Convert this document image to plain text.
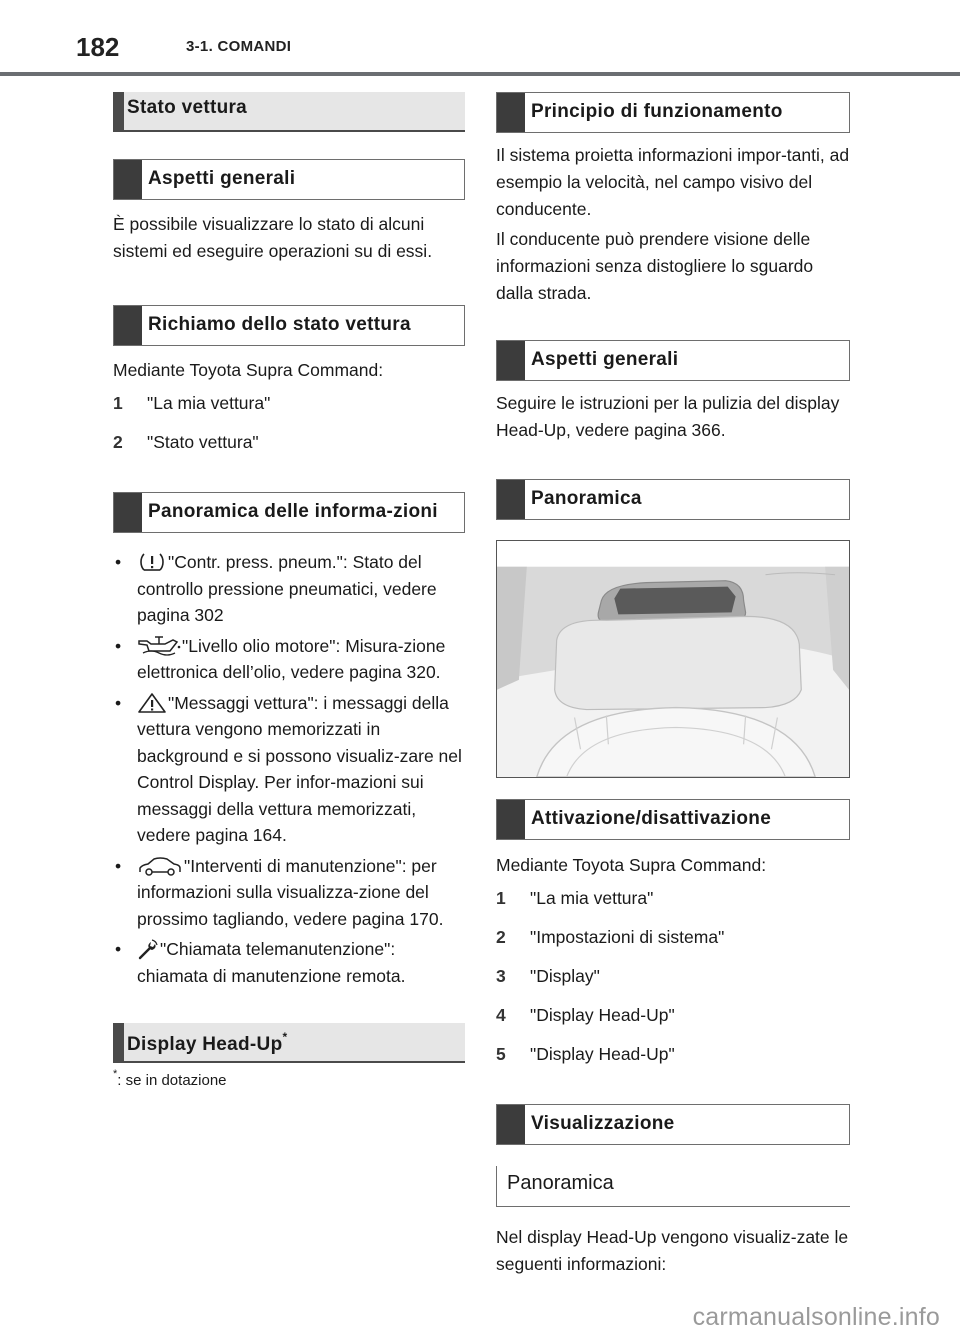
182	3-1. COMANDI
Stato vettura
Aspetti generali

È possibile visualizzare lo stato di alcuni sistemi ed eseguire operazioni su di essi.

Richiamo dello stato vettura

Mediante Toyota Supra Command:

1	"La mia vettura"
2	"Stato vettura"
Panoramica delle informa-zioni
•	"Contr. press. pneum.": Stato del controllo pressione pneumatici, vedere pagina 302
•	"Livello olio motore": Misura-zione elettronica dell’olio, vedere pagina 320.
•	"Messaggi vettura": i messaggi della vettura vengono memorizzati in background e si possono visualiz-zare nel Control Display. Per infor-mazioni sui messaggi della vettura memorizzati, vedere pagina 164.
•	"Interventi di manutenzione": per informazioni sulla visualizza-zione del prossimo tagliando, vedere pagina 170.
•	"Chiamata telemanutenzione": chiamata di manutenzione remota.
Display Head-Up*
*: se in dotazione
Principio di funzionamento

Il sistema proietta informazioni impor-tanti, ad esempio la velocità, nel campo visivo del conducente.

Il conducente può prendere visione delle informazioni senza distogliere lo sguardo dalla strada.

Aspetti generali

Seguire le istruzioni per la pulizia del display Head-Up, vedere pagina 366.

Panoramica
Attivazione/disattivazione

Mediante Toyota Supra Command:

1	"La mia vettura"
2	"Impostazioni di sistema"
3	"Display"
4	"Display Head-Up"
5	"Display Head-Up"
Visualizzazione
Panoramica

Nel display Head-Up vengono visualiz-zate le seguenti informazioni:

carmanualsonline.info
